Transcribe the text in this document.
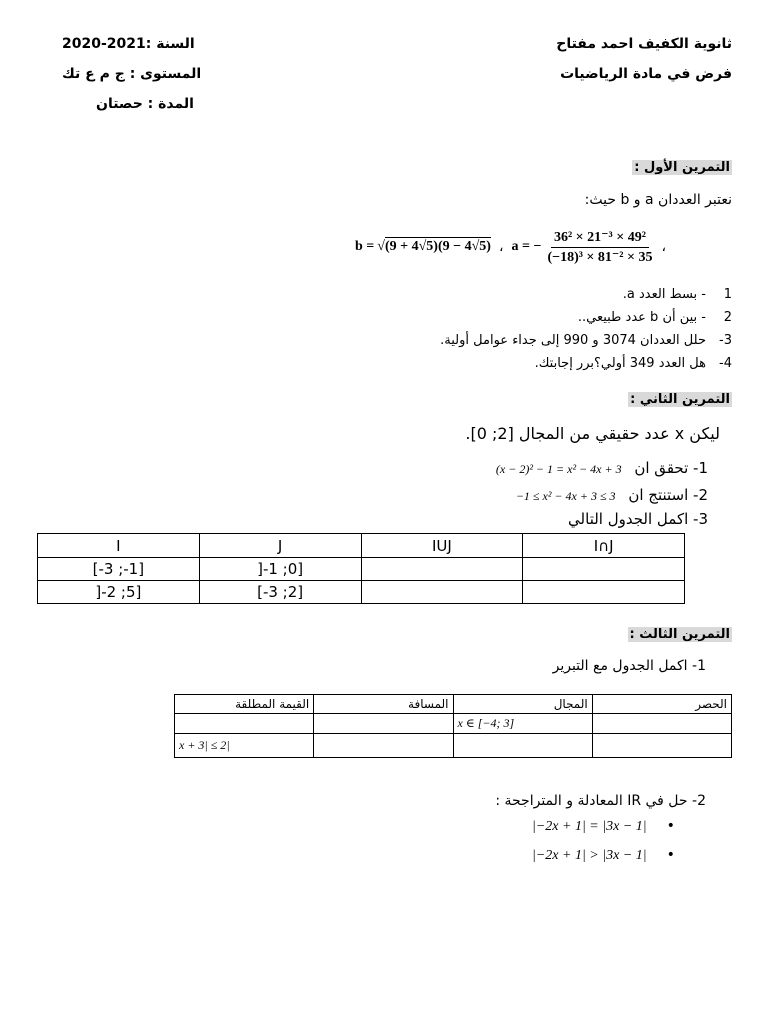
ثانوية الكفيف احمد مفتاح
فرض في مادة الرياضيات
السنة :2021-2020
المستوى : ج م ع تك
المدة : حصتان
التمرين الأول :
نعتبر العددان a و b حيث:
b = √(9 + 4√5)(9 − 4√5) ، a = − $\frac{\text{36² × 21⁻³ × 49²}}{\text{(−18)³ × 81⁻² × 35}}$ ،
1- بسط العدد a.
2- بين أن b عدد طبيعي..
3-حلل العددان 3074 و 990 إلى جداء عوامل أولية.
4-هل العدد 349 أولي؟برر إجابتك.
التمرين الثاني :
ليكن x عدد حقيقي من المجال [2; 0].
1- تحقق ان (x − 2)² − 1 = x² − 4x + 3
2- استنتج ان −1 ≤ x² − 4x + 3 ≤ 3
3- اكمل الجدول التالي
I	J	IUJ	I∩J
[-3 ;-1]	]-1 ;0]		
]-2 ;5]	[-3 ;2]		
التمرين الثالث :
1- اكمل الجدول مع التبرير
الحصر	المجال	المسافة	القيمة المطلقة
	x ∈ [−4; 3]		
			|x + 3| ≤ 2
2- حل في IR المعادلة و المتراجحة :
|−2x + 1| = |3x − 1| •
|−2x + 1| > |3x − 1| •
